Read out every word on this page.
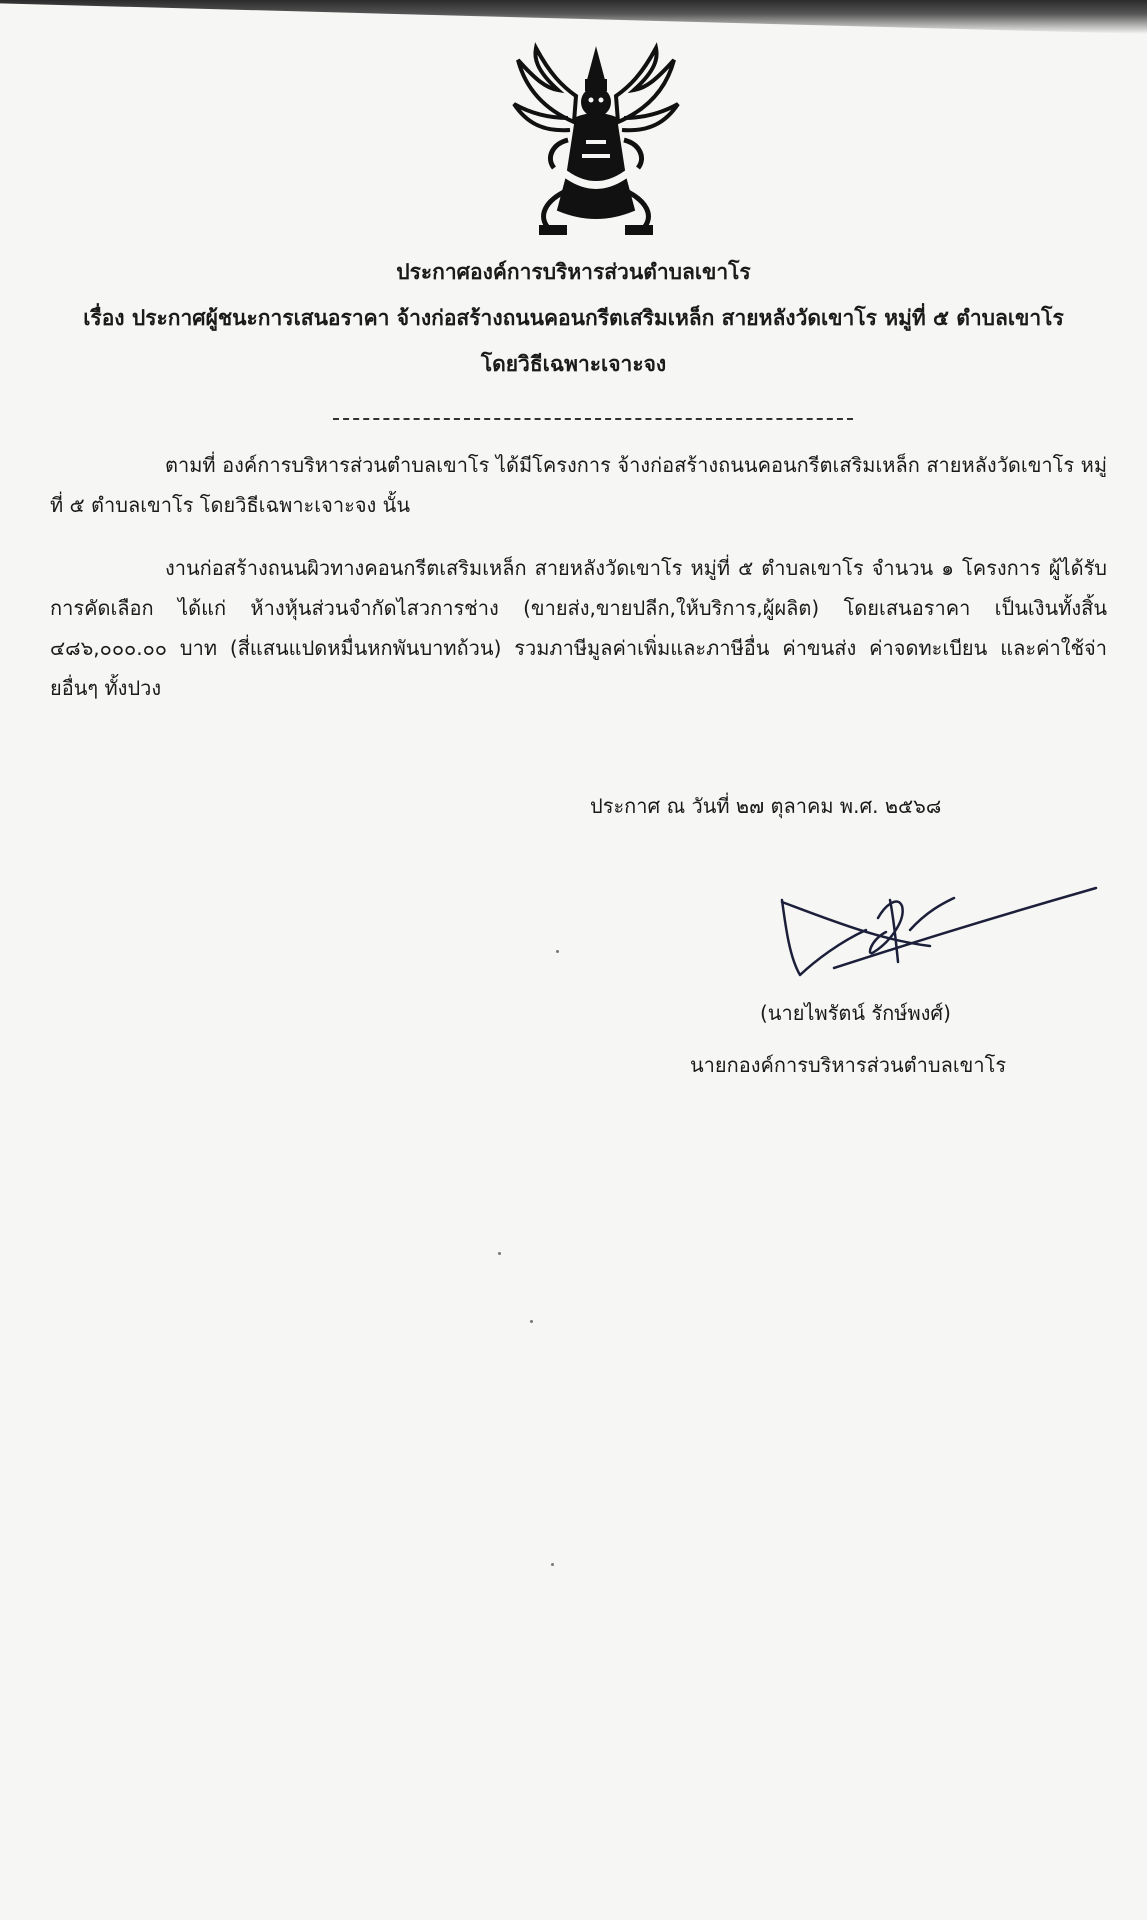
ประกาศองค์การบริหารส่วนตำบลเขาโร
เรื่อง ประกาศผู้ชนะการเสนอราคา จ้างก่อสร้างถนนคอนกรีตเสริมเหล็ก สายหลังวัดเขาโร หมู่ที่ ๕ ตำบลเขาโร
โดยวิธีเฉพาะเจาะจง
ตามที่ องค์การบริหารส่วนตำบลเขาโร ได้มีโครงการ จ้างก่อสร้างถนนคอนกรีตเสริมเหล็ก สายหลังวัดเขาโร หมู่ที่ ๕ ตำบลเขาโร โดยวิธีเฉพาะเจาะจง นั้น
งานก่อสร้างถนนผิวทางคอนกรีตเสริมเหล็ก สายหลังวัดเขาโร หมู่ที่ ๕ ตำบลเขาโร จำนวน ๑ โครงการ ผู้ได้รับการคัดเลือก ได้แก่ ห้างหุ้นส่วนจำกัดไสวการช่าง (ขายส่ง,ขายปลีก,ให้บริการ,ผู้ผลิต) โดยเสนอราคา เป็นเงินทั้งสิ้น ๔๘๖,๐๐๐.๐๐ บาท (สี่แสนแปดหมื่นหกพันบาทถ้วน) รวมภาษีมูลค่าเพิ่มและภาษีอื่น ค่าขนส่ง ค่าจดทะเบียน และค่าใช้จ่ายอื่นๆ ทั้งปวง
ประกาศ ณ วันที่ ๒๗ ตุลาคม พ.ศ. ๒๕๖๘
(นายไพรัตน์ รักษ์พงศ์)
นายกองค์การบริหารส่วนตำบลเขาโร
